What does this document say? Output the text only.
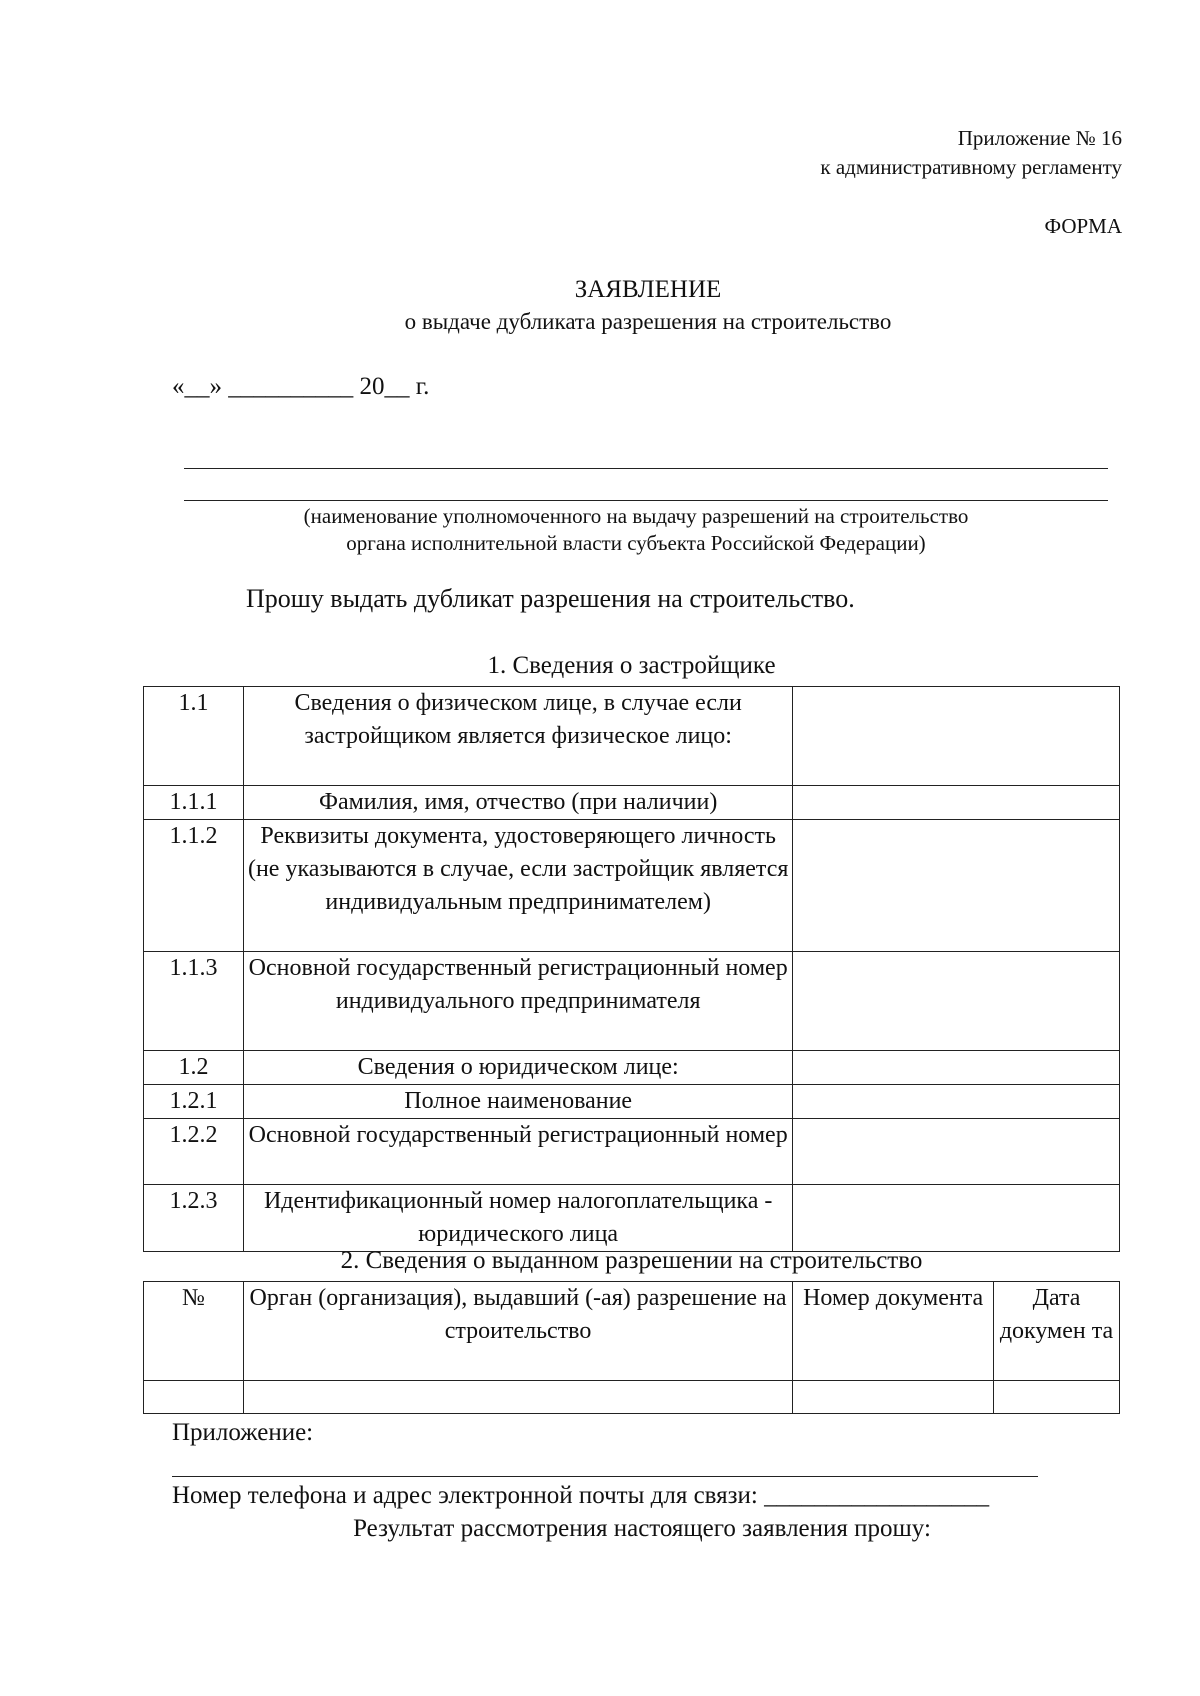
Приложение № 16
к административному регламенту
ФОРМА
ЗАЯВЛЕНИЕ
о выдаче дубликата разрешения на строительство
«__» __________ 20__ г.
(наименование уполномоченного на выдачу разрешений на строительство
органа исполнительной власти субъекта Российской Федерации)
Прошу выдать дубликат разрешения на строительство.
1. Сведения о застройщике
1.1	Сведения о физическом лице, в случае если застройщиком является физическое лицо:	
1.1.1	Фамилия, имя, отчество (при наличии)	
1.1.2	Реквизиты документа, удостоверяющего личность (не указываются в случае, если застройщик является индивидуальным предпринимателем)	
1.1.3	Основной государственный регистрационный номер индивидуального предпринимателя	
1.2	Сведения о юридическом лице:	
1.2.1	Полное наименование	
1.2.2	Основной государственный регистрационный номер	
1.2.3	Идентификационный номер налогоплательщика - юридического лица	
2. Сведения о выданном разрешении на строительство
№	Орган (организация), выдавший (-ая) разрешение на строительство	Номер документа	Дата докумен та

Приложение:
Номер телефона и адрес электронной почты для связи: __________________
Результат рассмотрения настоящего заявления прошу:
